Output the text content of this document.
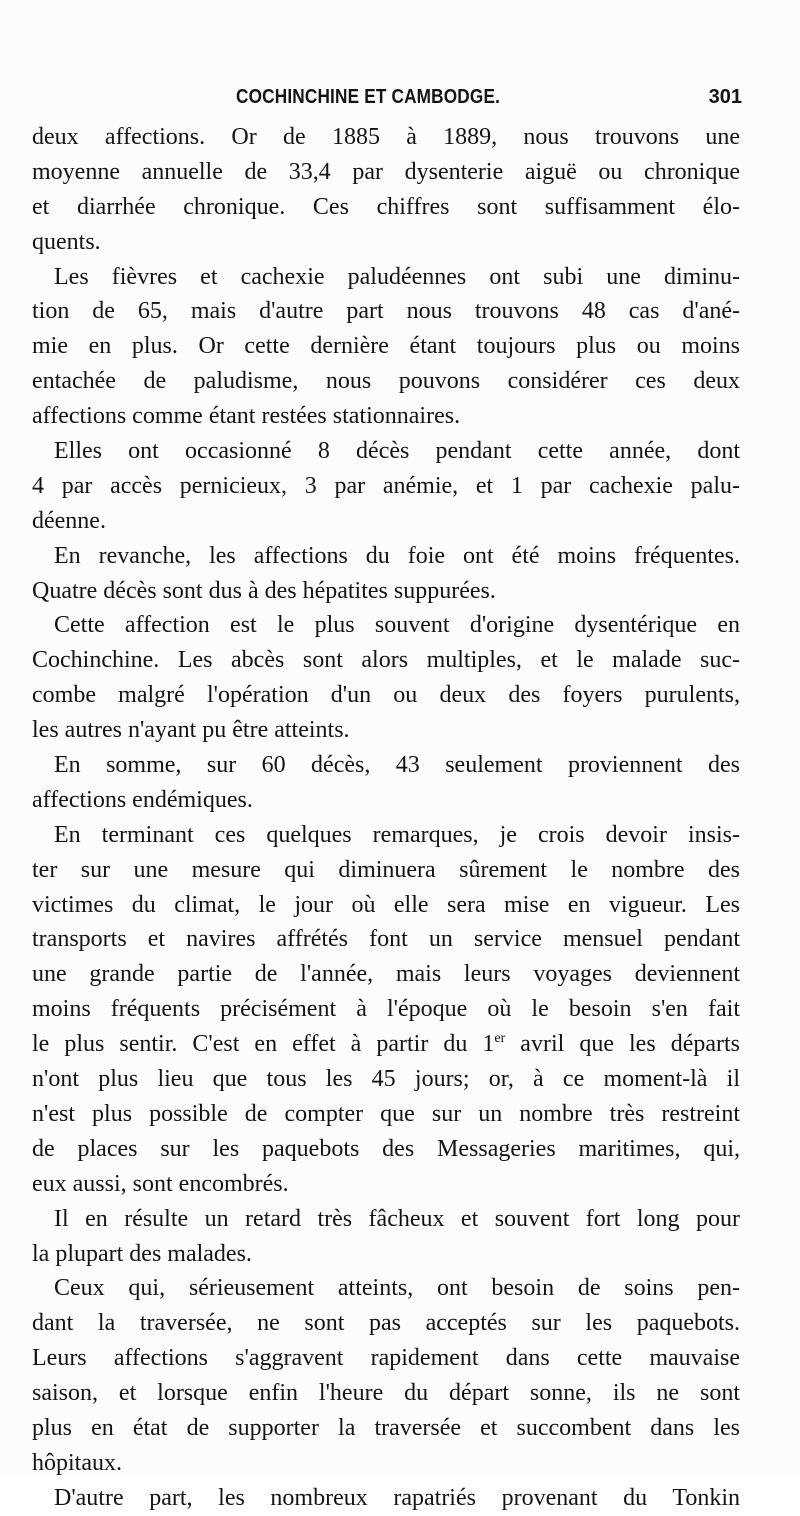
COCHINCHINE ET CAMBODGE.	301
deux affections. Or de 1885 à 1889, nous trouvons une
moyenne annuelle de 33,4 par dysenterie aiguë ou chronique
et diarrhée chronique. Ces chiffres sont suffisamment élo-
quents.
Les fièvres et cachexie paludéennes ont subi une diminu-
tion de 65, mais d'autre part nous trouvons 48 cas d'ané-
mie en plus. Or cette dernière étant toujours plus ou moins
entachée de paludisme, nous pouvons considérer ces deux
affections comme étant restées stationnaires.
Elles ont occasionné 8 décès pendant cette année, dont
4 par accès pernicieux, 3 par anémie, et 1 par cachexie palu-
déenne.
En revanche, les affections du foie ont été moins fréquentes.
Quatre décès sont dus à des hépatites suppurées.
Cette affection est le plus souvent d'origine dysentérique en
Cochinchine. Les abcès sont alors multiples, et le malade suc-
combe malgré l'opération d'un ou deux des foyers purulents,
les autres n'ayant pu être atteints.
En somme, sur 60 décès, 43 seulement proviennent des
affections endémiques.
En terminant ces quelques remarques, je crois devoir insis-
ter sur une mesure qui diminuera sûrement le nombre des
victimes du climat, le jour où elle sera mise en vigueur. Les
transports et navires affrétés font un service mensuel pendant
une grande partie de l'année, mais leurs voyages deviennent
moins fréquents précisément à l'époque où le besoin s'en fait
le plus sentir. C'est en effet à partir du 1er avril que les départs
n'ont plus lieu que tous les 45 jours; or, à ce moment-là il
n'est plus possible de compter que sur un nombre très restreint
de places sur les paquebots des Messageries maritimes, qui,
eux aussi, sont encombrés.
Il en résulte un retard très fâcheux et souvent fort long pour
la plupart des malades.
Ceux qui, sérieusement atteints, ont besoin de soins pen-
dant la traversée, ne sont pas acceptés sur les paquebots.
Leurs affections s'aggravent rapidement dans cette mauvaise
saison, et lorsque enfin l'heure du départ sonne, ils ne sont
plus en état de supporter la traversée et succombent dans les
hôpitaux.
D'autre part, les nombreux rapatriés provenant du Tonkin
